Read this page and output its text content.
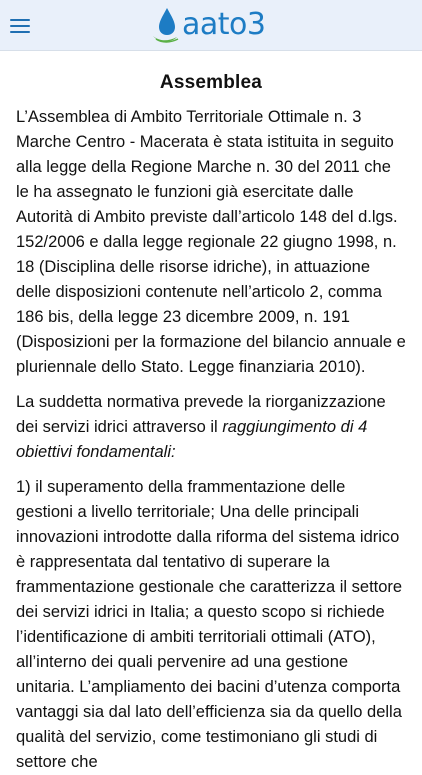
aato3
Assemblea

L’Assemblea di Ambito Territoriale Ottimale n. 3 Marche Centro - Macerata è stata istituita in seguito alla legge della Regione Marche n. 30 del 2011 che le ha assegnato le funzioni già esercitate dalle Autorità di Ambito previste dall’articolo 148 del d.lgs. 152/2006 e dalla legge regionale 22 giugno 1998, n. 18 (Disciplina delle risorse idriche), in attuazione delle disposizioni contenute nell’articolo 2, comma 186 bis, della legge 23 dicembre 2009, n. 191 (Disposizioni per la formazione del bilancio annuale e pluriennale dello Stato. Legge finanziaria 2010).

La suddetta normativa prevede la riorganizzazione dei servizi idrici attraverso il raggiungimento di 4 obiettivi fondamentali:

1) il superamento della frammentazione delle gestioni a livello territoriale; Una delle principali innovazioni introdotte dalla riforma del sistema idrico è rappresentata dal tentativo di superare la frammentazione gestionale che caratterizza il settore dei servizi idrici in Italia; a questo scopo si richiede l’identificazione di ambiti territoriali ottimali (ATO), all’interno dei quali pervenire ad una gestione unitaria. L’ampliamento dei bacini d’utenza comporta vantaggi sia dal lato dell’efficienza sia da quello della qualità del servizio, come testimoniano gli studi di settore che
